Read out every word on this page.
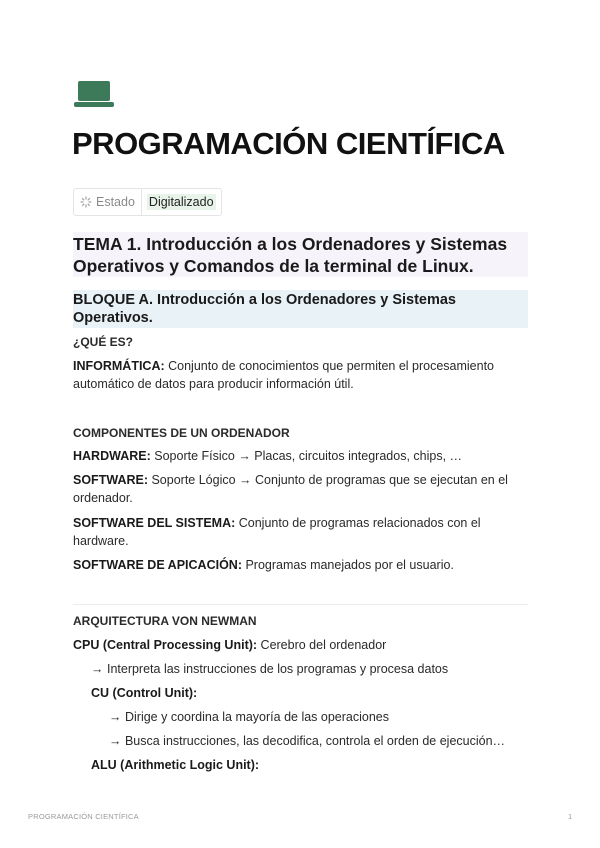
PROGRAMACIÓN CIENTÍFICA
Estado Digitalizado
TEMA 1. Introducción a los Ordenadores y Sistemas Operativos y Comandos de la terminal de Linux.
BLOQUE A. Introducción a los Ordenadores y Sistemas Operativos.
¿QUÉ ES?
INFORMÁTICA: Conjunto de conocimientos que permiten el procesamiento automático de datos para producir información útil.
COMPONENTES DE UN ORDENADOR
HARDWARE: Soporte Físico → Placas, circuitos integrados, chips, …
SOFTWARE: Soporte Lógico → Conjunto de programas que se ejecutan en el ordenador.
SOFTWARE DEL SISTEMA: Conjunto de programas relacionados con el hardware.
SOFTWARE DE APICACIÓN: Programas manejados por el usuario.
ARQUITECTURA VON NEWMAN
CPU (Central Processing Unit): Cerebro del ordenador
→ Interpreta las instrucciones de los programas y procesa datos
CU (Control Unit):
→ Dirige y coordina la mayoría de las operaciones
→ Busca instrucciones, las decodifica, controla el orden de ejecución…
ALU (Arithmetic Logic Unit):
PROGRAMACIÓN CIENTÍFICA	1
